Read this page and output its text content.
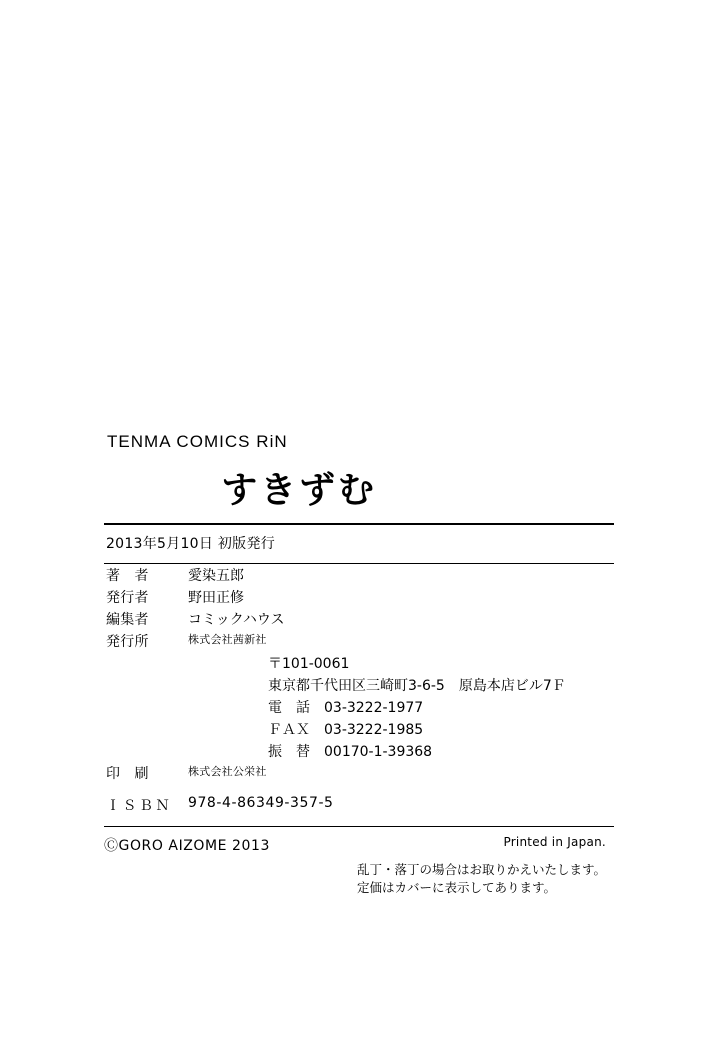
TENMA COMICS RiN
すきずむ
2013年5月10日 初版発行
著　者	愛染五郎
発行者	野田正修
編集者	コミックハウス
発行所	株式会社茜新社
	〒101-0061
	東京都千代田区三崎町3-6-5　原島本店ビル7Ｆ
	電　話　03-3222-1977
	ＦＡＸ　03-3222-1985
	振　替　00170-1-39368
印　刷	株式会社公栄社

ＩＳＢＮ	978-4-86349-357-5
ⒸGORO AIZOME 2013	Printed in Japan.
乱丁・落丁の場合はお取りかえいたします。
定価はカバーに表示してあります。
